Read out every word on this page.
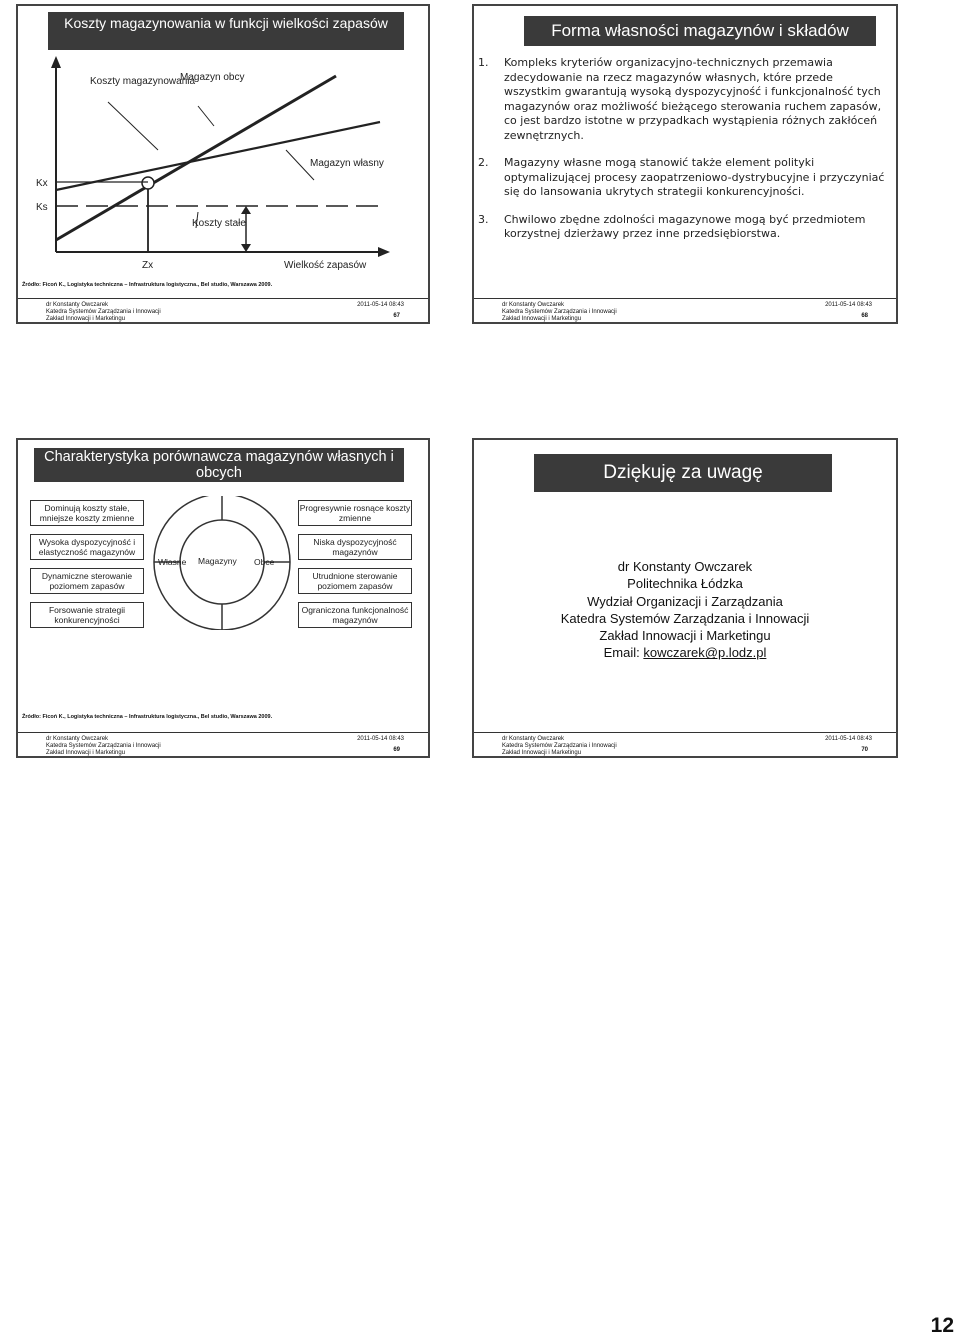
Koszty magazynowania w funkcji wielkości zapasów
Koszty magazynowania
Magazyn obcy
Magazyn własny
Koszty stałe
Kx
Ks
Zx	Wielkość zapasów
Źródło: Ficoń K., Logistyka techniczna – Infrastruktura logistyczna., Bel studio, Warszawa 2009.
dr Konstanty Owczarek
Katedra Systemów Zarządzania i Innowacji
Zakład Innowacji i Marketingu
2011-05-14 08:43
67
Forma własności magazynów i składów
1. Kompleks kryteriów organizacyjno-technicznych przemawia zdecydowanie na rzecz magazynów własnych, które przede wszystkim gwarantują wysoką dyspozycyjność i funkcjonalność tych magazynów oraz możliwość bieżącego sterowania ruchem zapasów, co jest bardzo istotne w przypadkach wystąpienia różnych zakłóceń zewnętrznych.
2. Magazyny własne mogą stanowić także element polityki optymalizującej procesy zaopatrzeniowo-dystrybucyjne i przyczyniać się do lansowania ukrytych strategii konkurencyjności.
3. Chwilowo zbędne zdolności magazynowe mogą być przedmiotem korzystnej dzierżawy przez inne przedsiębiorstwa.
dr Konstanty Owczarek
Katedra Systemów Zarządzania i Innowacji
Zakład Innowacji i Marketingu
2011-05-14 08:43
68
Charakterystyka porównawcza magazynów własnych i obcych
Dominują koszty stałe, mniejsze koszty zmienne
Wysoka dyspozycyjność i elastyczność magazynów
Dynamiczne sterowanie poziomem zapasów
Forsowanie strategii konkurencyjności
Progresywnie rosnące koszty zmienne
Niska dyspozycyjność magazynów
Utrudnione sterowanie poziomem zapasów
Ograniczona funkcjonalność magazynów
Własne	Obce
Magazyny
Źródło: Ficoń K., Logistyka techniczna – Infrastruktura logistyczna., Bel studio, Warszawa 2009.
dr Konstanty Owczarek
Katedra Systemów Zarządzania i Innowacji
Zakład Innowacji i Marketingu
2011-05-14 08:43
69
Dziękuję za uwagę
dr Konstanty Owczarek
Politechnika Łódzka
Wydział Organizacji i Zarządzania
Katedra Systemów Zarządzania i Innowacji
Zakład Innowacji i Marketingu
Email: kowczarek@p.lodz.pl
dr Konstanty Owczarek
Katedra Systemów Zarządzania i Innowacji
Zakład Innowacji i Marketingu
2011-05-14 08:43
70
12
